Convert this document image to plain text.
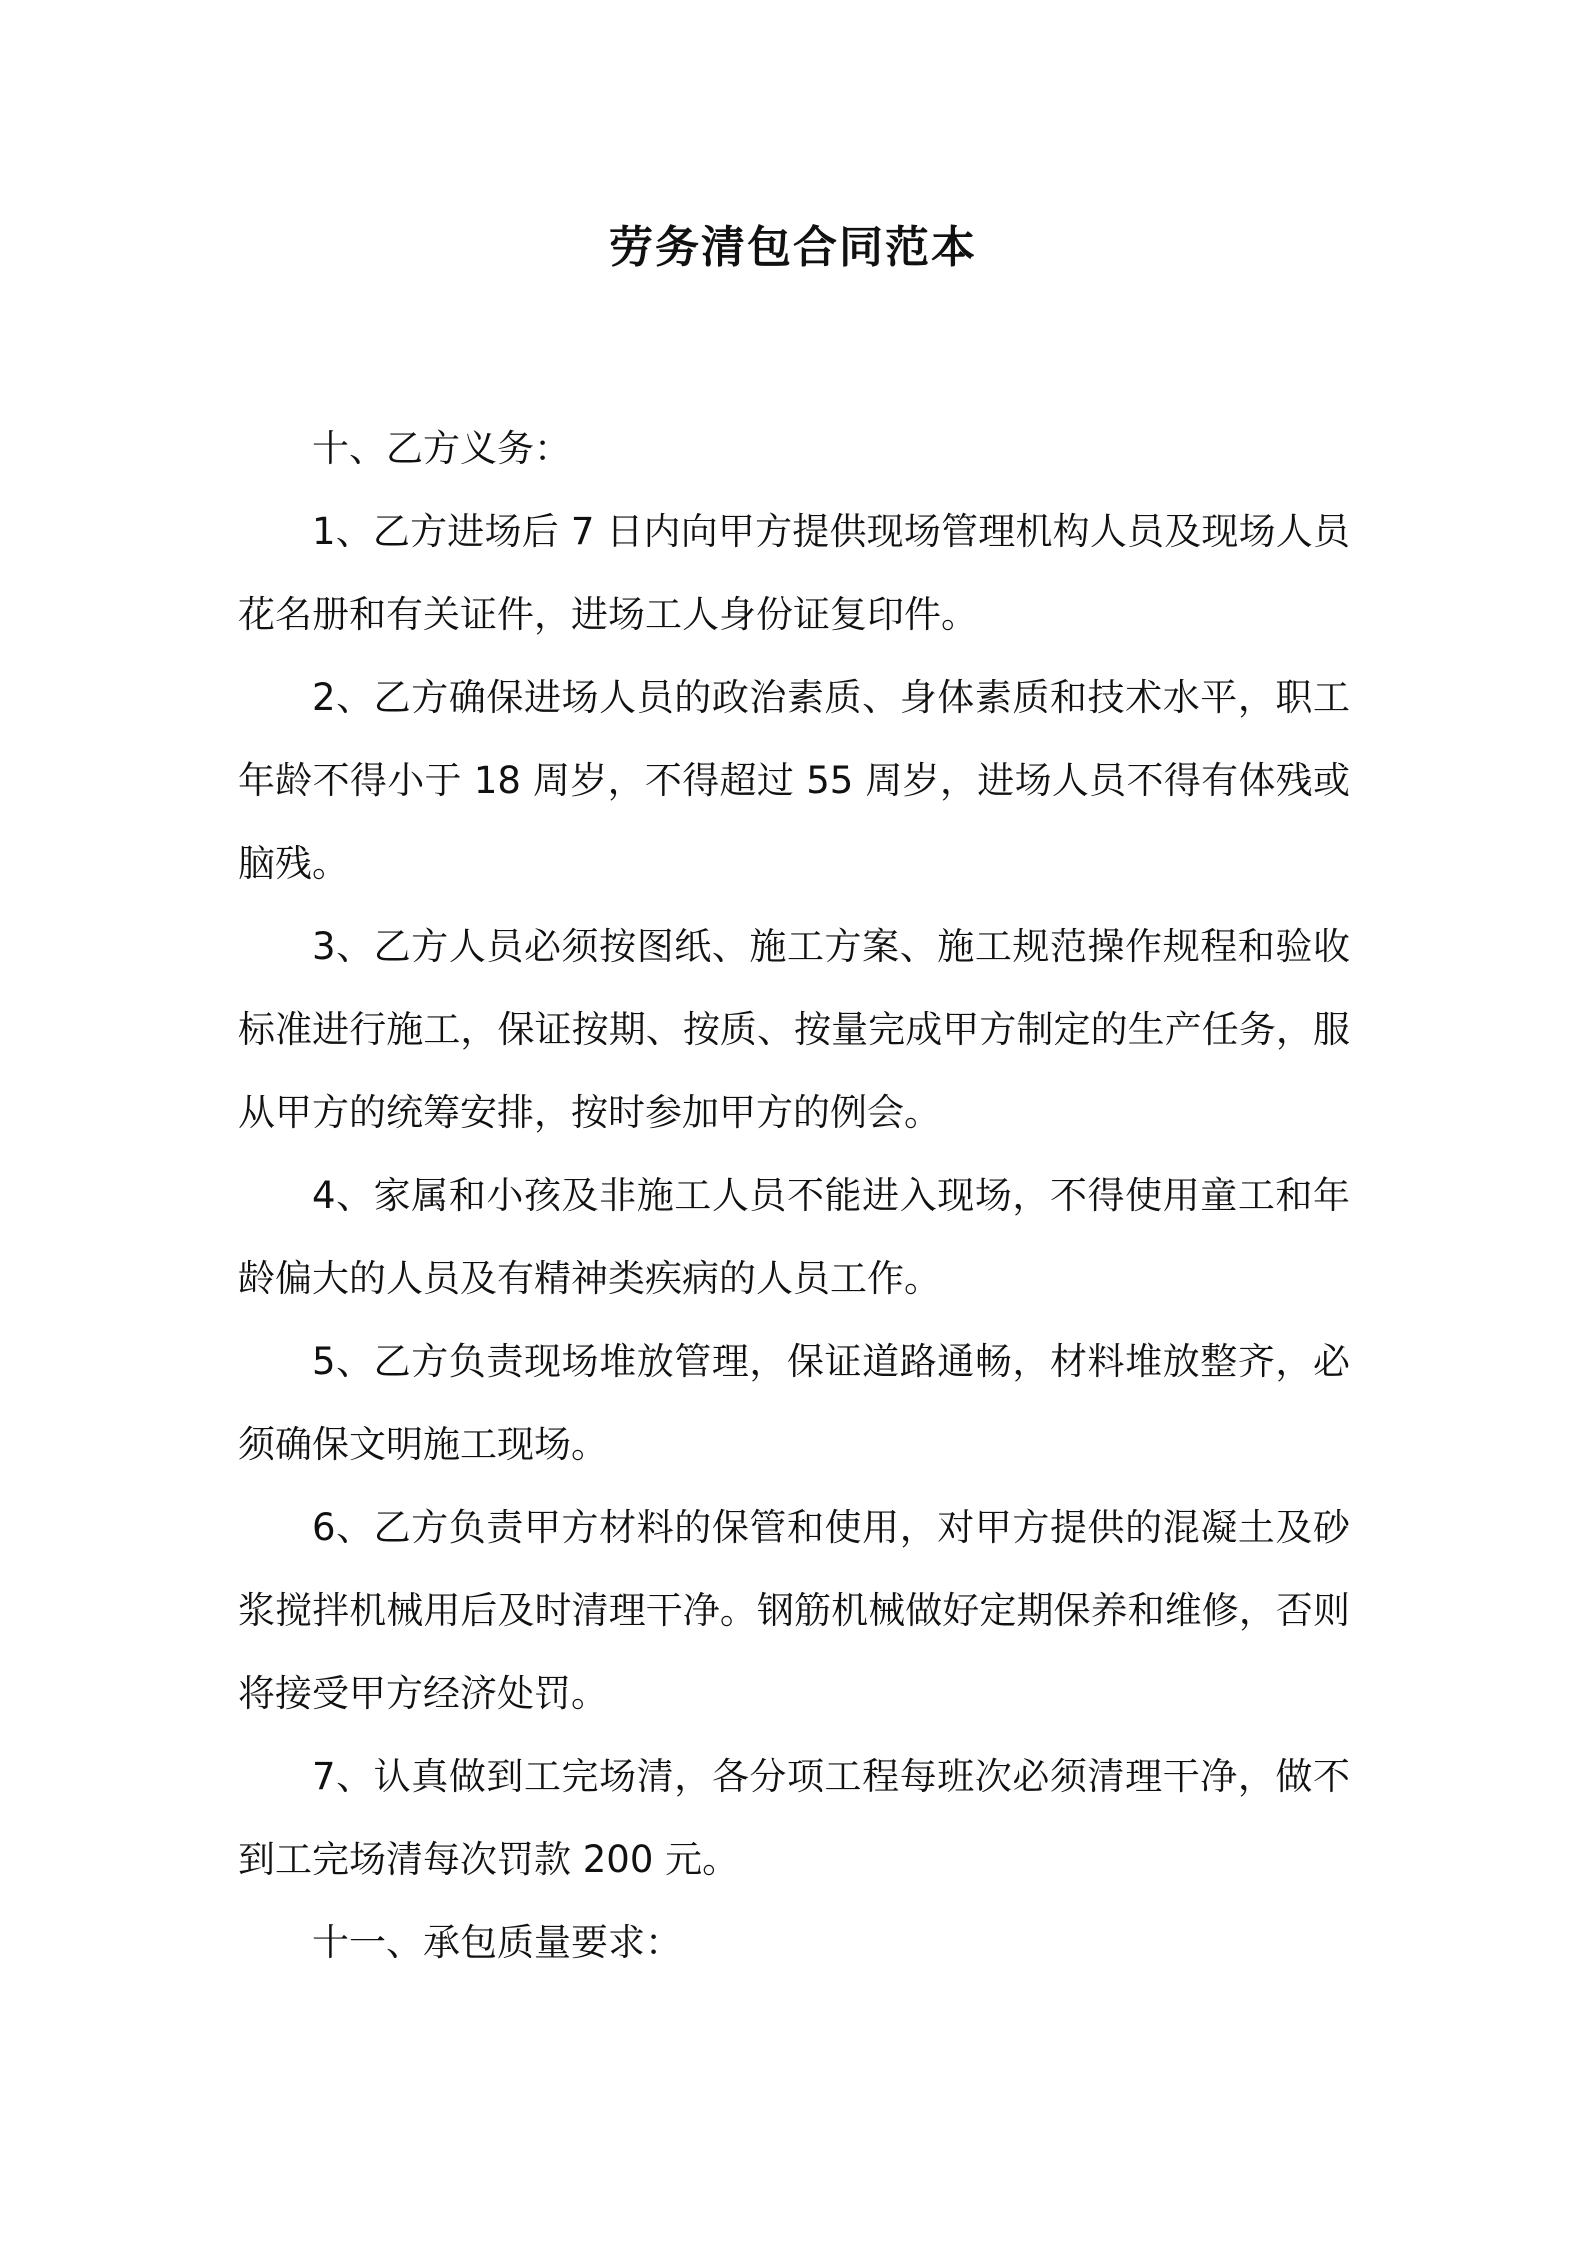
劳务清包合同范本

十、乙方义务：

1、乙方进场后 7 日内向甲方提供现场管理机构人员及现场人员花名册和有关证件，进场工人身份证复印件。

2、乙方确保进场人员的政治素质、身体素质和技术水平，职工年龄不得小于 18 周岁，不得超过 55 周岁，进场人员不得有体残或脑残。

3、乙方人员必须按图纸、施工方案、施工规范操作规程和验收标准进行施工，保证按期、按质、按量完成甲方制定的生产任务，服从甲方的统筹安排，按时参加甲方的例会。

4、家属和小孩及非施工人员不能进入现场，不得使用童工和年龄偏大的人员及有精神类疾病的人员工作。

5、乙方负责现场堆放管理，保证道路通畅，材料堆放整齐，必须确保文明施工现场。

6、乙方负责甲方材料的保管和使用，对甲方提供的混凝土及砂浆搅拌机械用后及时清理干净。钢筋机械做好定期保养和维修，否则将接受甲方经济处罚。

7、认真做到工完场清，各分项工程每班次必须清理干净，做不到工完场清每次罚款 200 元。

十一、承包质量要求：
